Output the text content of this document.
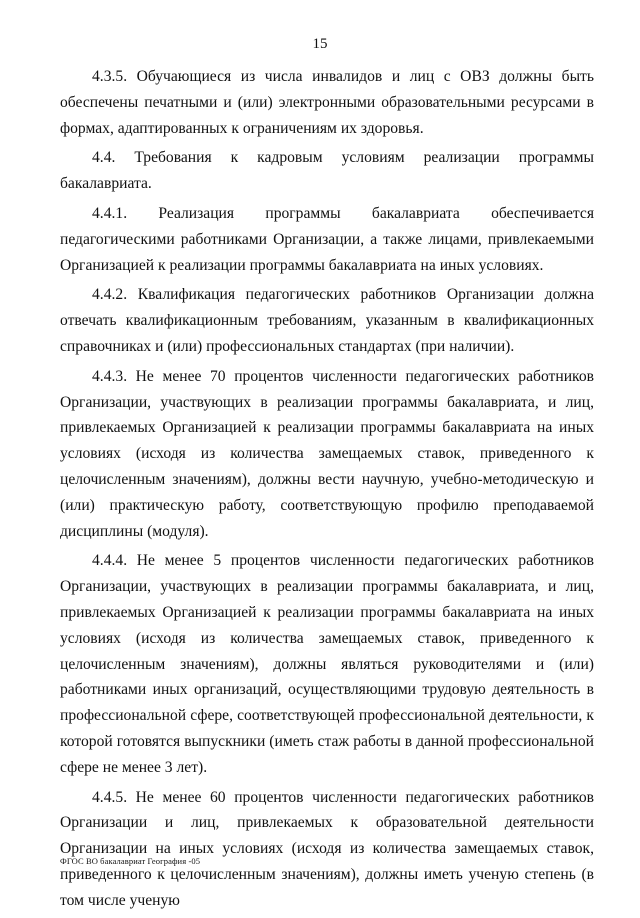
15

4.3.5. Обучающиеся из числа инвалидов и лиц с ОВЗ должны быть обеспечены печатными и (или) электронными образовательными ресурсами в формах, адаптированных к ограничениям их здоровья.

4.4. Требования к кадровым условиям реализации программы бакалавриата.

4.4.1. Реализация программы бакалавриата обеспечивается педагогическими работниками Организации, а также лицами, привлекаемыми Организацией к реализации программы бакалавриата на иных условиях.

4.4.2. Квалификация педагогических работников Организации должна отвечать квалификационным требованиям, указанным в квалификационных справочниках и (или) профессиональных стандартах (при наличии).

4.4.3. Не менее 70 процентов численности педагогических работников Организации, участвующих в реализации программы бакалавриата, и лиц, привлекаемых Организацией к реализации программы бакалавриата на иных условиях (исходя из количества замещаемых ставок, приведенного к целочисленным значениям), должны вести научную, учебно-методическую и (или) практическую работу, соответствующую профилю преподаваемой дисциплины (модуля).

4.4.4. Не менее 5 процентов численности педагогических работников Организации, участвующих в реализации программы бакалавриата, и лиц, привлекаемых Организацией к реализации программы бакалавриата на иных условиях (исходя из количества замещаемых ставок, приведенного к целочисленным значениям), должны являться руководителями и (или) работниками иных организаций, осуществляющими трудовую деятельность в профессиональной сфере, соответствующей профессиональной деятельности, к которой готовятся выпускники (иметь стаж работы в данной профессиональной сфере не менее 3 лет).

4.4.5. Не менее 60 процентов численности педагогических работников Организации и лиц, привлекаемых к образовательной деятельности Организации на иных условиях (исходя из количества замещаемых ставок, приведенного к целочисленным значениям), должны иметь ученую степень (в том числе ученую

ФГОС ВО бакалавриат География -05
